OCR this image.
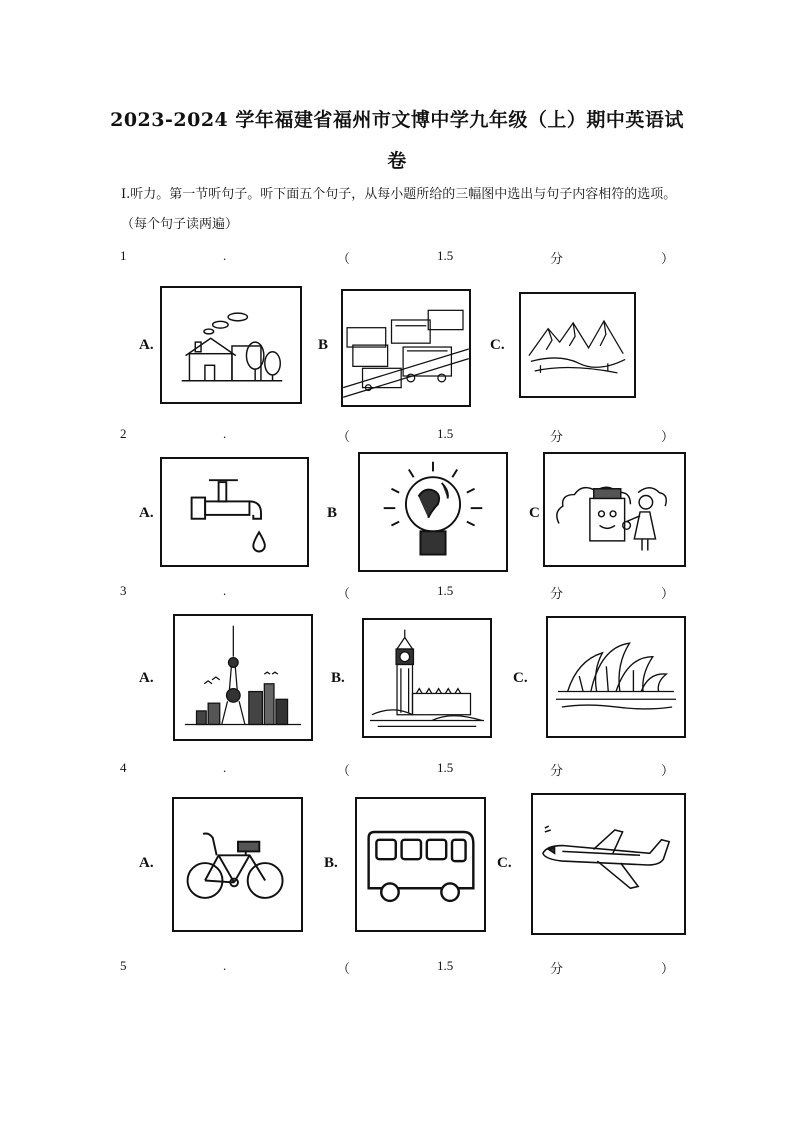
2023-2024 学年福建省福州市文博中学九年级（上）期中英语试
卷
Ⅰ.听力。第一节听句子。听下面五个句子，从每小题所给的三幅图中选出与句子内容相符的选项。（每个句子读两遍）
1	.	（	1.5	分	）
A.	B	C.
2	.	（	1.5	分	）
A.	B	C
3	.	（	1.5	分	）
A.	B.	C.
4	.	（	1.5	分	）
A.	B.	C.
5	.	（	1.5	分	）
